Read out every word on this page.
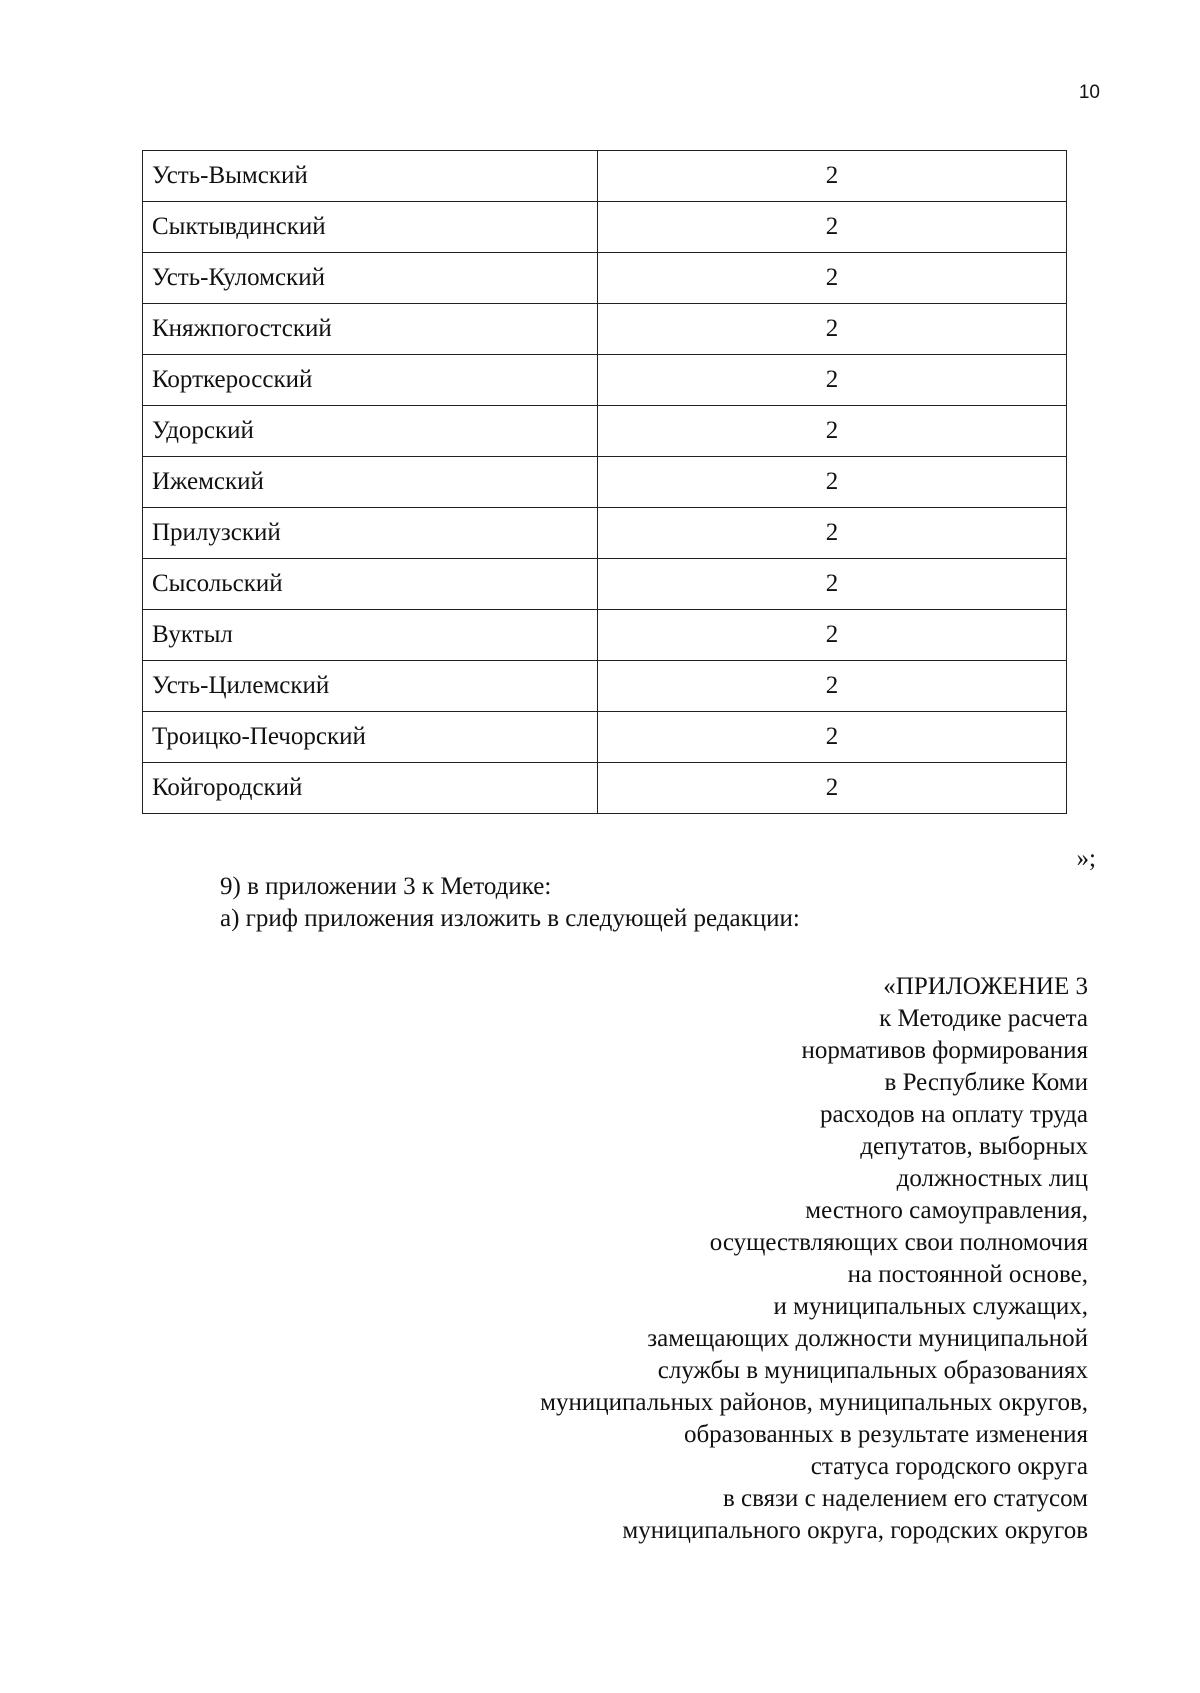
10
Усть-Вымский	2
Сыктывдинский	2
Усть-Куломский	2
Княжпогостский	2
Корткеросский	2
Удорский	2
Ижемский	2
Прилузский	2
Сысольский	2
Вуктыл	2
Усть-Цилемский	2
Троицко-Печорский	2
Койгородский	2
»;
9) в приложении 3 к Методике:
а) гриф приложения изложить в следующей редакции:
«ПРИЛОЖЕНИЕ 3
к Методике расчета
нормативов формирования
в Республике Коми
расходов на оплату труда
депутатов, выборных
должностных лиц
местного самоуправления,
осуществляющих свои полномочия
на постоянной основе,
и муниципальных служащих,
замещающих должности муниципальной
службы в муниципальных образованиях
муниципальных районов, муниципальных округов,
образованных в результате изменения
статуса городского округа
в связи с наделением его статусом
муниципального округа, городских округов
